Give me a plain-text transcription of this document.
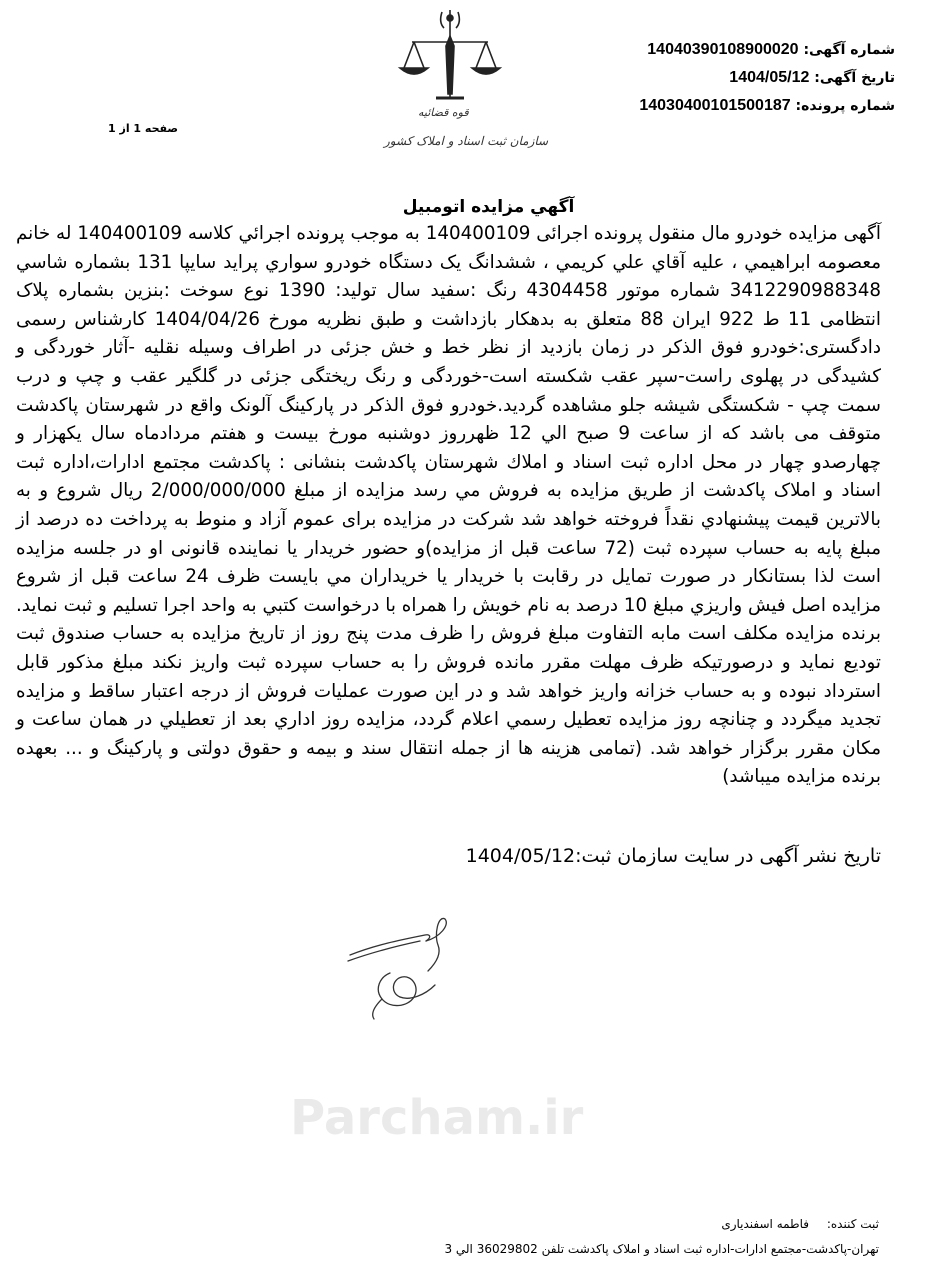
شماره آگهی: 14040390108900020
تاریخ آگهی: 1404/05/12
شماره پرونده: 14030400101500187
قوه قضائیه
سازمان ثبت اسناد و املاک کشور
صفحه 1 از 1
آگهي مزايده اتومبيل

آگهی مزایده خودرو مال منقول پرونده اجرائی 140400109 به موجب پرونده اجرائي كلاسه 140400109 له خانم معصومه ابراهيمي ، عليه آقاي علي كريمي ، ششدانگ يک دستگاه خودرو سواري پرايد سايپا 131 بشماره شاسي 3412290988348 شماره موتور 4304458 رنگ :سفيد سال توليد: 1390 نوع سوخت :بنزين بشماره پلاک انتظامی 11 ط 922 ايران 88 متعلق به بدهكار بازداشت و طبق نظريه مورخ 1404/04/26 كارشناس رسمی دادگستری:خودرو فوق الذكر در زمان بازديد از نظر خط و خش جزئی در اطراف وسيله نقليه -آثار خوردگی و كشيدگی در پهلوی راست-سپر عقب شكسته است-خوردگی و رنگ ريختگی جزئی در گلگير عقب و چپ و درب سمت چپ - شكستگی شيشه جلو مشاهده گرديد.خودرو فوق الذكر در پاركينگ آلونک واقع در شهرستان پاكدشت متوقف می باشد كه از ساعت 9 صبح الي 12 ظهرروز دوشنبه مورخ بيست و هفتم مردادماه سال يكهزار و چهارصدو چهار در محل اداره ثبت اسناد و املاك شهرستان پاكدشت بنشانی : پاكدشت مجتمع ادارات،اداره ثبت اسناد و املاک پاكدشت از طريق مزايده به فروش مي رسد مزايده از مبلغ 2/000/000/000 ريال شروع و به بالاترين قيمت پيشنهادي نقداً فروخته خواهد شد شركت در مزايده براى عموم آزاد و منوط به پرداخت ده درصد از مبلغ پايه به حساب سپرده ثبت (72 ساعت قبل از مزايده)و حضور خريدار يا نماينده قانونى او در جلسه مزايده است لذا بستانكار در صورت تمايل در رقابت با خريدار يا خريداران مي بايست ظرف 24 ساعت قبل از شروع مزايده اصل فيش واريزي مبلغ 10 درصد به نام خويش را همراه با درخواست كتبي به واحد اجرا تسليم و ثبت نمايد. برنده مزايده مكلف است مابه التفاوت مبلغ فروش را ظرف مدت پنج روز از تاريخ مزايده به حساب صندوق ثبت توديع نمايد و درصورتيكه ظرف مهلت مقرر مانده فروش را به حساب سپرده ثبت واريز نكند مبلغ مذكور قابل استرداد نبوده و به حساب خزانه واريز خواهد شد و در اين صورت عمليات فروش از درجه اعتبار ساقط و مزايده تجديد ميگردد و چنانچه روز مزايده تعطيل رسمي اعلام گردد، مزايده روز اداري بعد از تعطيلي در همان ساعت و مكان مقرر برگزار خواهد شد. (تمامی هزينه ها از جمله انتقال سند و بيمه و حقوق دولتی و پاركينگ و ... بعهده برنده مزايده ميباشد)

تاریخ نشر آگهی در سایت سازمان ثبت:1404/05/12
Parcham.ir
ثبت کننده: فاطمه اسفندیاری
تهران-پاکدشت-مجتمع ادارات-اداره ثبت اسناد و املاک پاکدشت تلفن 36029802 الي 3
